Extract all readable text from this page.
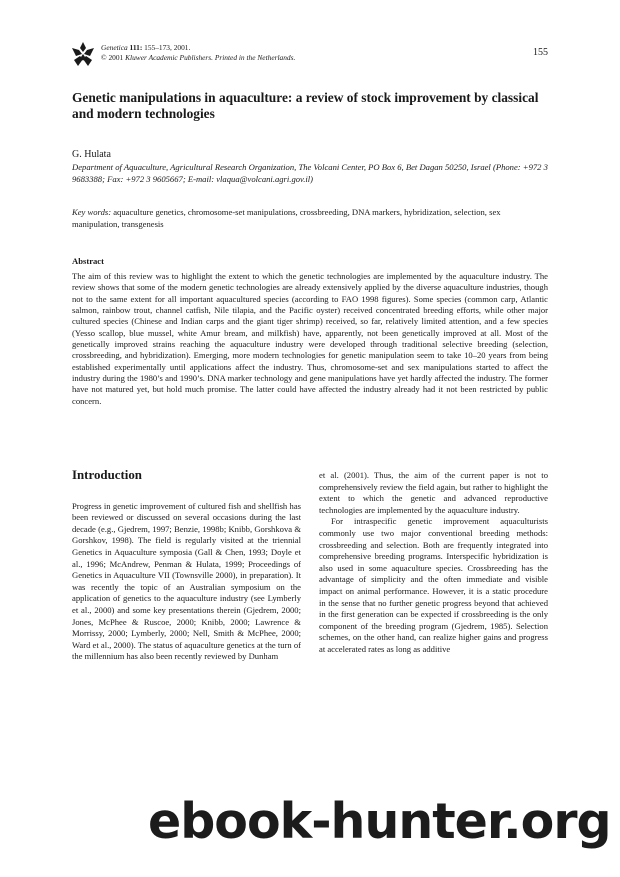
Genetica 111: 155–173, 2001.
© 2001 Kluwer Academic Publishers. Printed in the Netherlands.	155
Genetic manipulations in aquaculture: a review of stock improvement by classical and modern technologies
G. Hulata

Department of Aquaculture, Agricultural Research Organization, The Volcani Center, PO Box 6, Bet Dagan 50250, Israel (Phone: +972 3 9683388; Fax: +972 3 9605667; E-mail: vlaqua@volcani.agri.gov.il)

Key words: aquaculture genetics, chromosome-set manipulations, crossbreeding, DNA markers, hybridization, selection, sex manipulation, transgenesis

Abstract

The aim of this review was to highlight the extent to which the genetic technologies are implemented by the aquaculture industry. The review shows that some of the modern genetic technologies are already extensively applied by the diverse aquaculture industries, though not to the same extent for all important aquacultured species (according to FAO 1998 figures). Some species (common carp, Atlantic salmon, rainbow trout, channel catfish, Nile tilapia, and the Pacific oyster) received concentrated breeding efforts, while other major cultured species (Chinese and Indian carps and the giant tiger shrimp) received, so far, relatively limited attention, and a few species (Yesso scallop, blue mussel, white Amur bream, and milkfish) have, apparently, not been genetically improved at all. Most of the genetically improved strains reaching the aquaculture industry were developed through traditional selective breeding (selection, crossbreeding, and hybridization). Emerging, more modern technologies for genetic manipulation seem to take 10–20 years from being established experimentally until applications affect the industry. Thus, chromosome-set and sex manipulations started to affect the industry during the 1980’s and 1990’s. DNA marker technology and gene manipulations have yet hardly affected the industry. The former have not matured yet, but hold much promise. The latter could have affected the industry already had it not been restricted by public concern.

Introduction

Progress in genetic improvement of cultured fish and shellfish has been reviewed or discussed on several occasions during the last decade (e.g., Gjedrem, 1997; Benzie, 1998b; Knibb, Gorshkova & Gorshkov, 1998). The field is regularly visited at the triennial Genetics in Aquaculture symposia (Gall & Chen, 1993; Doyle et al., 1996; McAndrew, Penman & Hulata, 1999; Proceedings of Genetics in Aquaculture VII (Townsville 2000), in preparation). It was recently the topic of an Australian symposium on the application of genetics to the aquaculture industry (see Lymberly et al., 2000) and some key presentations therein (Gjedrem, 2000; Jones, McPhee & Ruscoe, 2000; Knibb, 2000; Lawrence & Morrissy, 2000; Lymberly, 2000; Nell, Smith & McPhee, 2000; Ward et al., 2000). The status of aquaculture genetics at the turn of the millennium has also been recently reviewed by Dunham

et al. (2001). Thus, the aim of the current paper is not to comprehensively review the field again, but rather to highlight the extent to which the genetic and advanced reproductive technologies are implemented by the aquaculture industry.

For intraspecific genetic improvement aquaculturists commonly use two major conventional breeding methods: crossbreeding and selection. Both are frequently integrated into comprehensive breeding programs. Interspecific hybridization is also used in some aquaculture species. Crossbreeding has the advantage of simplicity and the often immediate and visible impact on animal performance. However, it is a static procedure in the sense that no further genetic progress beyond that achieved in the first generation can be expected if crossbreeding is the only component of the breeding program (Gjedrem, 1985). Selection schemes, on the other hand, can realize higher gains and progress at accelerated rates as long as additive

ebook-hunter.org
